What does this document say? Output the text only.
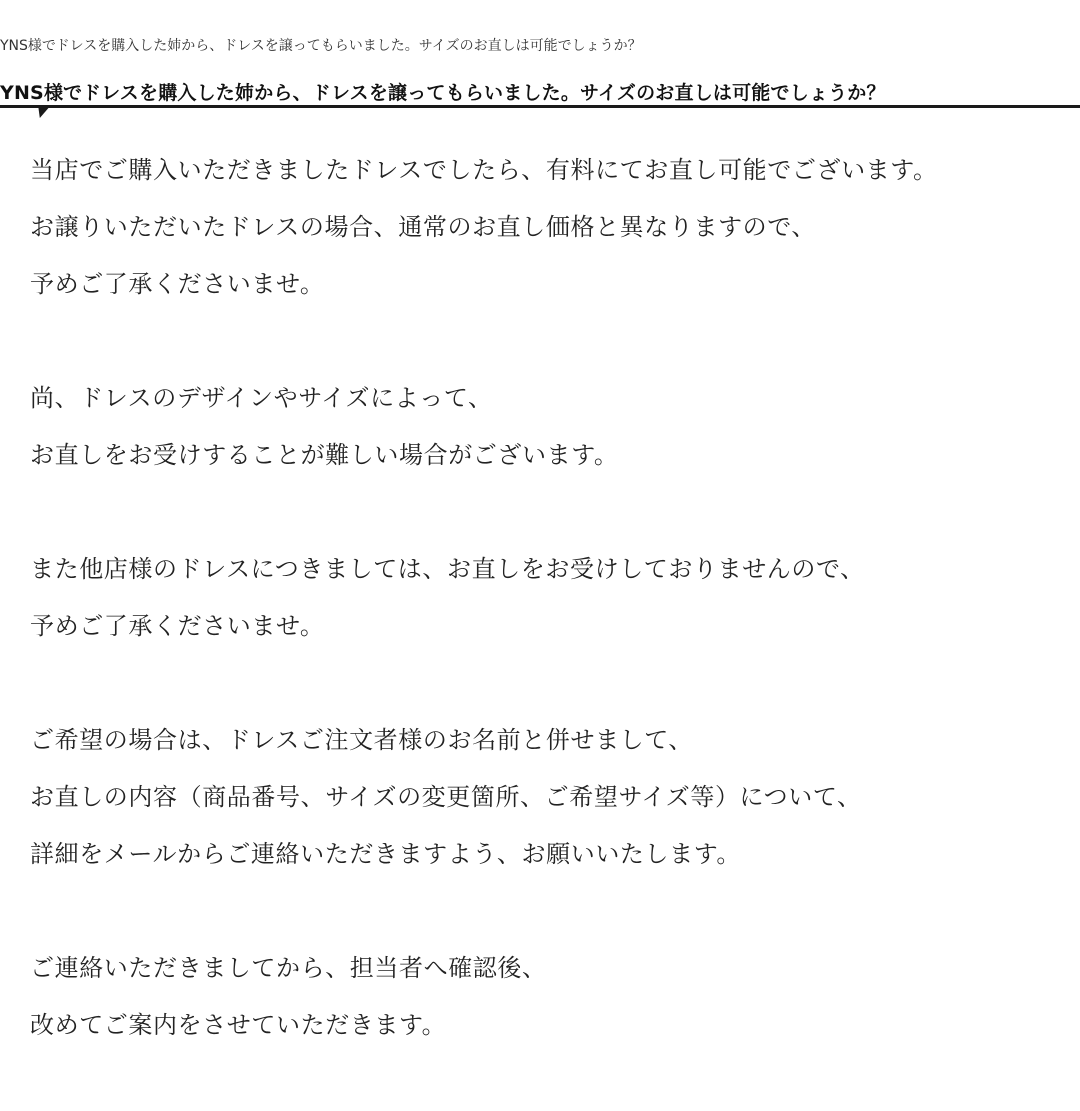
YNS様でドレスを購入した姉から、ドレスを譲ってもらいました。サイズのお直しは可能でしょうか？
YNS様でドレスを購入した姉から、ドレスを譲ってもらいました。サイズのお直しは可能でしょうか？
当店でご購入いただきましたドレスでしたら、有料にてお直し可能でございます。
お譲りいただいたドレスの場合、通常のお直し価格と異なりますので、
予めご了承くださいませ。
尚、ドレスのデザインやサイズによって、
お直しをお受けすることが難しい場合がございます。
また他店様のドレスにつきましては、お直しをお受けしておりませんので、
予めご了承くださいませ。
ご希望の場合は、ドレスご注文者様のお名前と併せまして、
お直しの内容（商品番号、サイズの変更箇所、ご希望サイズ等）について、
詳細をメールからご連絡いただきますよう、お願いいたします。
ご連絡いただきましてから、担当者へ確認後、
改めてご案内をさせていただきます。
